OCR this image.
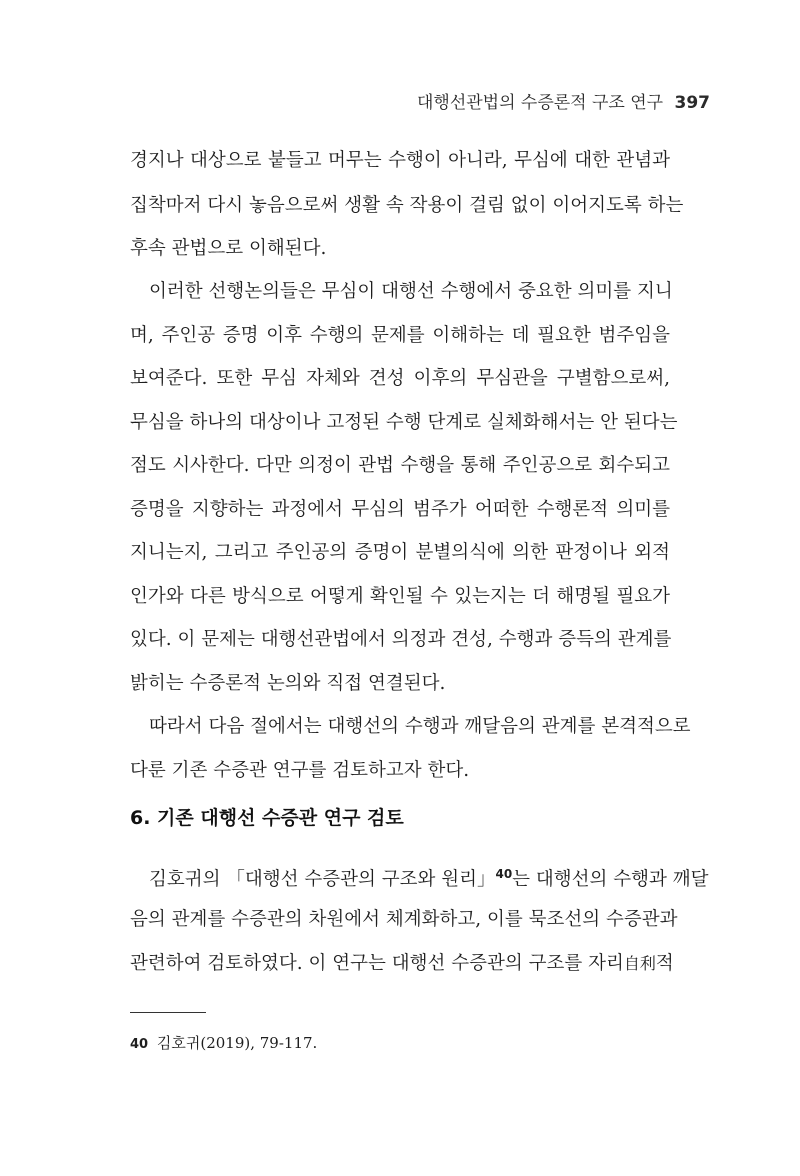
대행선관법의 수증론적 구조 연구 397
경지나 대상으로 붙들고 머무는 수행이 아니라, 무심에 대한 관념과
집착마저 다시 놓음으로써 생활 속 작용이 걸림 없이 이어지도록 하는
후속 관법으로 이해된다.
이러한 선행논의들은 무심이 대행선 수행에서 중요한 의미를 지니
며, 주인공 증명 이후 수행의 문제를 이해하는 데 필요한 범주임을
보여준다. 또한 무심 자체와 견성 이후의 무심관을 구별함으로써,
무심을 하나의 대상이나 고정된 수행 단계로 실체화해서는 안 된다는
점도 시사한다. 다만 의정이 관법 수행을 통해 주인공으로 회수되고
증명을 지향하는 과정에서 무심의 범주가 어떠한 수행론적 의미를
지니는지, 그리고 주인공의 증명이 분별의식에 의한 판정이나 외적
인가와 다른 방식으로 어떻게 확인될 수 있는지는 더 해명될 필요가
있다. 이 문제는 대행선관법에서 의정과 견성, 수행과 증득의 관계를
밝히는 수증론적 논의와 직접 연결된다.
따라서 다음 절에서는 대행선의 수행과 깨달음의 관계를 본격적으로
다룬 기존 수증관 연구를 검토하고자 한다.
6. 기존 대행선 수증관 연구 검토
김호귀의 「대행선 수증관의 구조와 원리」$^{40}$는 대행선의 수행과 깨달
음의 관계를 수증관의 차원에서 체계화하고, 이를 묵조선의 수증관과
관련하여 검토하였다. 이 연구는 대행선 수증관의 구조를 자리自利적
40 김호귀(2019), 79-117.
